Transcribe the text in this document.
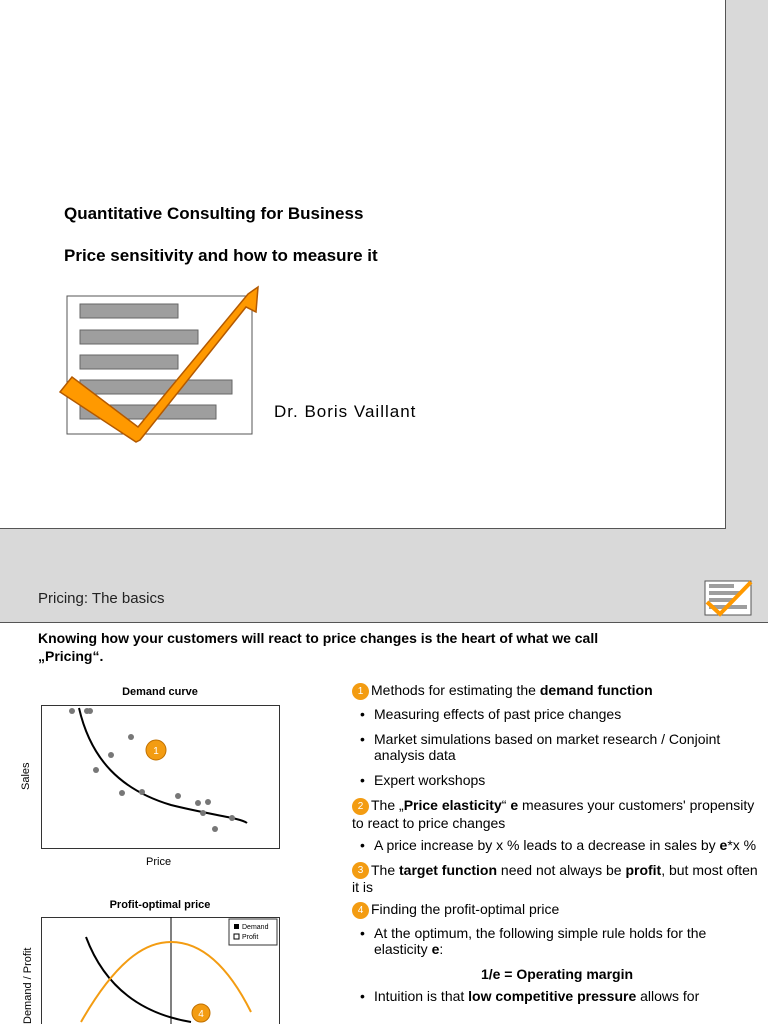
Quantitative Consulting for Business
Price sensitivity and how to measure it
Dr. Boris Vaillant
Pricing: The basics
Knowing how your customers will react to price changes is the heart of what we call
„Pricing“.
Demand curve
1
Sales
Price
Profit-optimal price
Demand
Profit
4
Demand / Profit
1 Methods for estimating the demand function
• Measuring effects of past price changes
• Market simulations based on market research / Conjoint analysis data
• Expert workshops
2 The „Price elasticity“ e measures your customers' propensity to react to price changes
• A price increase by x % leads to a decrease in sales by e*x %
3 The target function need not always be profit, but most often it is
4 Finding the profit-optimal price
• At the optimum, the following simple rule holds for the elasticity e:
1/e = Operating margin
• Intuition is that low competitive pressure allows for
